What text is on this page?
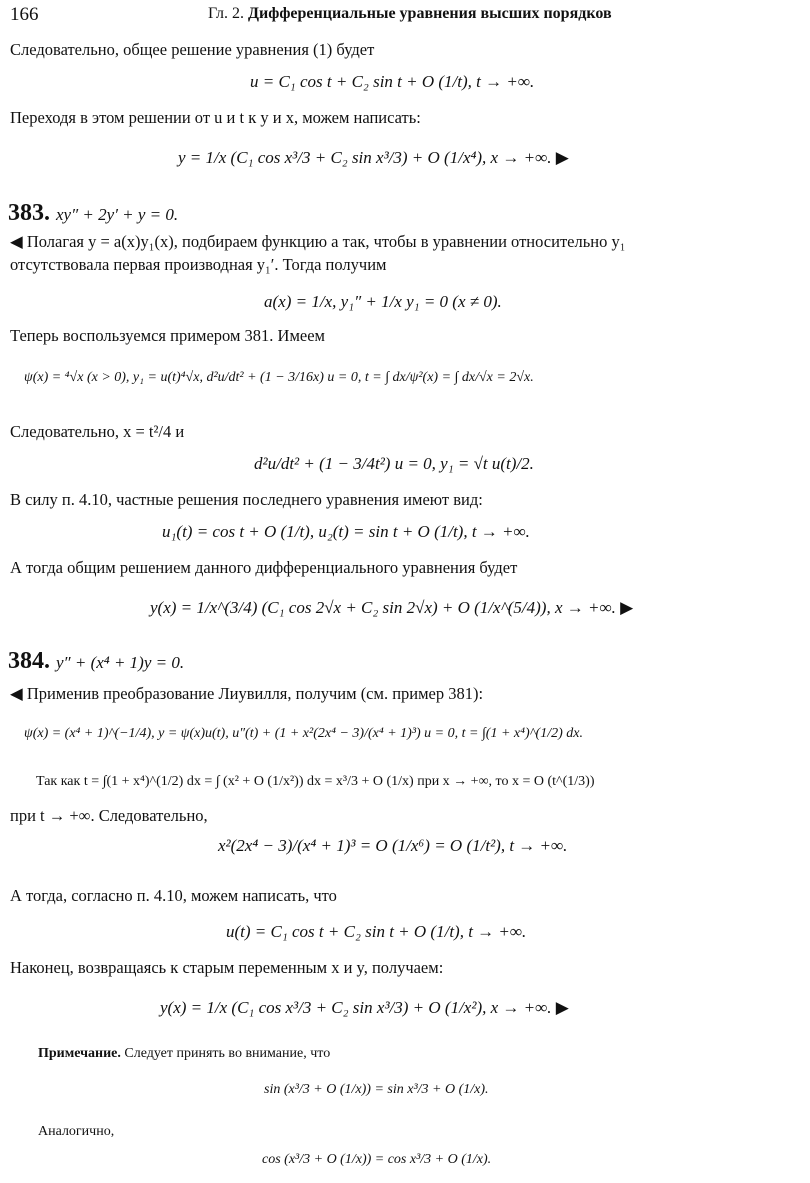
166	Гл. 2. Дифференциальные уравнения высших порядков
Следовательно, общее решение уравнения (1) будет
u = C₁ cos t + C₂ sin t + O (1/t), t → +∞.
Переходя в этом решении от u и t к y и x, можем написать:
y = 1/x (C₁ cos x³/3 + C₂ sin x³/3) + O (1/x⁴), x → +∞. ▶
383. xy″ + 2y′ + y = 0.
◀ Полагая y = a(x)y₁(x), подбираем функцию a так, чтобы в уравнении относительно y₁
отсутствовала первая производная y₁′. Тогда получим
a(x) = 1/x, y₁″ + 1/x y₁ = 0 (x ≠ 0).
Теперь воспользуемся примером 381. Имеем
ψ(x) = ⁴√x (x > 0), y₁ = u(t)⁴√x, d²u/dt² + (1 − 3/16x) u = 0, t = ∫ dx/ψ²(x) = ∫ dx/√x = 2√x.
Следовательно, x = t²/4 и
d²u/dt² + (1 − 3/4t²) u = 0, y₁ = √t u(t)/2.
В силу п. 4.10, частные решения последнего уравнения имеют вид:
u₁(t) = cos t + O (1/t), u₂(t) = sin t + O (1/t), t → +∞.
А тогда общим решением данного дифференциального уравнения будет
y(x) = 1/x^(3/4) (C₁ cos 2√x + C₂ sin 2√x) + O (1/x^(5/4)), x → +∞. ▶
384. y″ + (x⁴ + 1)y = 0.
◀ Применив преобразование Лиувилля, получим (см. пример 381):
ψ(x) = (x⁴ + 1)^(−1/4), y = ψ(x)u(t), u″(t) + (1 + x²(2x⁴ − 3)/(x⁴ + 1)³) u = 0, t = ∫(1 + x⁴)^(1/2) dx.
Так как t = ∫(1 + x⁴)^(1/2) dx = ∫ (x² + O (1/x²)) dx = x³/3 + O (1/x) при x → +∞, то x = O (t^(1/3))
при t → +∞. Следовательно,
x²(2x⁴ − 3)/(x⁴ + 1)³ = O (1/x⁶) = O (1/t²), t → +∞.
А тогда, согласно п. 4.10, можем написать, что
u(t) = C₁ cos t + C₂ sin t + O (1/t), t → +∞.
Наконец, возвращаясь к старым переменным x и y, получаем:
y(x) = 1/x (C₁ cos x³/3 + C₂ sin x³/3) + O (1/x²), x → +∞. ▶
Примечание. Следует принять во внимание, что
sin (x³/3 + O (1/x)) = sin x³/3 + O (1/x).
Аналогично,
cos (x³/3 + O (1/x)) = cos x³/3 + O (1/x).
